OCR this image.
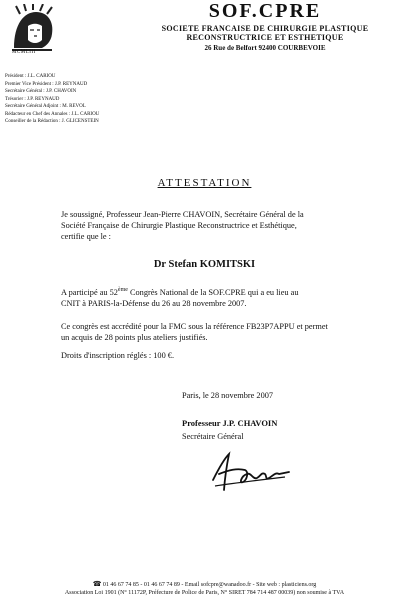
MCMLIII
SOF.CPRE
SOCIETE FRANCAISE DE CHIRURGIE PLASTIQUE
RECONSTRUCTRICE ET ESTHETIQUE
26 Rue de Belfort 92400 COURBEVOIE
Président : J.L. CARIOU
Premier Vice Président : J.P. REYNAUD
Secrétaire Général : J.P. CHAVOIN
Trésorier : J.P. REYNAUD
Secrétaire Général Adjoint : M. REVOL
Rédacteur en Chef des Annales : J.L. CARIOU
Conseiller de la Rédaction : J. GLICENSTEIN
ATTESTATION
Je soussigné, Professeur Jean-Pierre CHAVOIN, Secrétaire Général de la
Société Française de Chirurgie Plastique Reconstructrice et Esthétique,
certifie que le :
Dr Stefan KOMITSKI
A participé au 52ème Congrès National de la SOF.CPRE qui a eu lieu au
CNIT à PARIS-la-Défense du 26 au 28 novembre 2007.
Ce congrès est accrédité pour la FMC sous la référence FB23P7APPU et permet
un acquis de 28 points plus ateliers justifiés.
Droits d'inscription réglés : 100 €.
Paris, le 28 novembre 2007
Professeur J.P. CHAVOIN
Secrétaire Général
☎ 01 46 67 74 85 - 01 46 67 74 89 - Email sofcpre@wanadoo.fr - Site web : plasticiens.org
Association Loi 1901 (N° 11172P, Préfecture de Police de Paris, N° SIRET 784 714 487 00039) non soumise à TVA
